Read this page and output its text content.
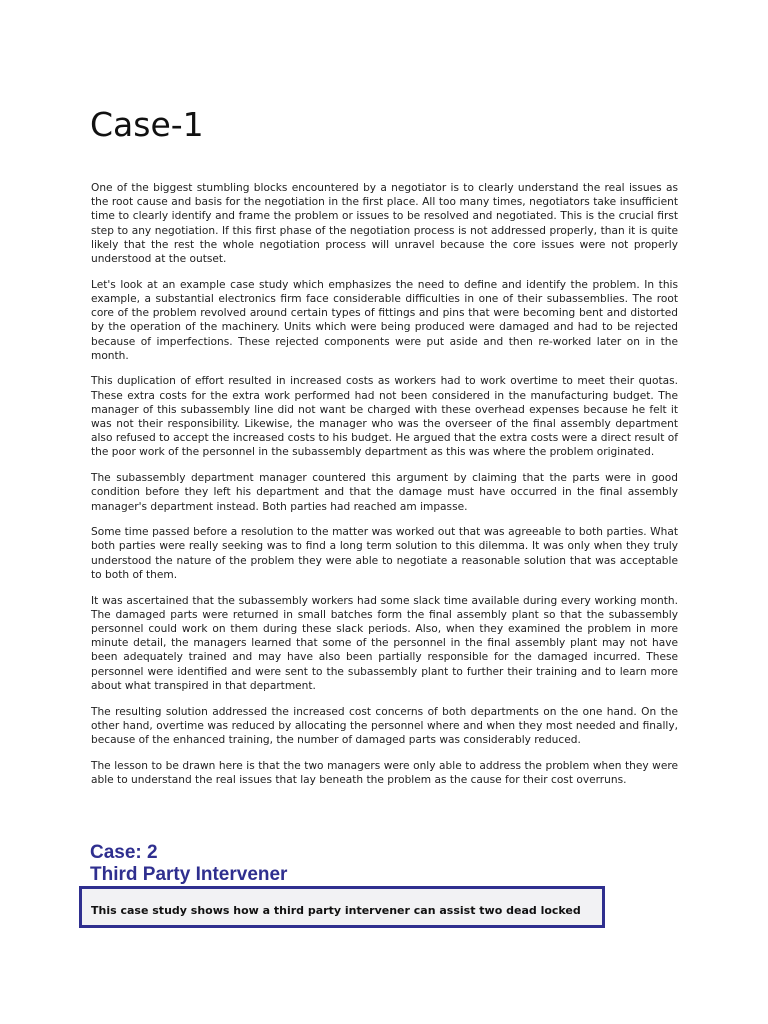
Case-1

One of the biggest stumbling blocks encountered by a negotiator is to clearly understand the real issues as the root cause and basis for the negotiation in the first place. All too many times, negotiators take insufficient time to clearly identify and frame the problem or issues to be resolved and negotiated. This is the crucial first step to any negotiation. If this first phase of the negotiation process is not addressed properly, than it is quite likely that the rest the whole negotiation process will unravel because the core issues were not properly understood at the outset.

Let's look at an example case study which emphasizes the need to define and identify the problem. In this example, a substantial electronics firm face considerable difficulties in one of their subassemblies. The root core of the problem revolved around certain types of fittings and pins that were becoming bent and distorted by the operation of the machinery. Units which were being produced were damaged and had to be rejected because of imperfections. These rejected components were put aside and then re-worked later on in the month.

This duplication of effort resulted in increased costs as workers had to work overtime to meet their quotas. These extra costs for the extra work performed had not been considered in the manufacturing budget. The manager of this subassembly line did not want be charged with these overhead expenses because he felt it was not their responsibility. Likewise, the manager who was the overseer of the final assembly department also refused to accept the increased costs to his budget. He argued that the extra costs were a direct result of the poor work of the personnel in the subassembly department as this was where the problem originated.

The subassembly department manager countered this argument by claiming that the parts were in good condition before they left his department and that the damage must have occurred in the final assembly manager's department instead. Both parties had reached am impasse.

Some time passed before a resolution to the matter was worked out that was agreeable to both parties. What both parties were really seeking was to find a long term solution to this dilemma. It was only when they truly understood the nature of the problem they were able to negotiate a reasonable solution that was acceptable to both of them.

It was ascertained that the subassembly workers had some slack time available during every working month. The damaged parts were returned in small batches form the final assembly plant so that the subassembly personnel could work on them during these slack periods. Also, when they examined the problem in more minute detail, the managers learned that some of the personnel in the final assembly plant may not have been adequately trained and may have also been partially responsible for the damaged incurred. These personnel were identified and were sent to the subassembly plant to further their training and to learn more about what transpired in that department.

The resulting solution addressed the increased cost concerns of both departments on the one hand. On the other hand, overtime was reduced by allocating the personnel where and when they most needed and finally, because of the enhanced training, the number of damaged parts was considerably reduced.

The lesson to be drawn here is that the two managers were only able to address the problem when they were able to understand the real issues that lay beneath the problem as the cause for their cost overruns.

Case: 2
Third Party Intervener

This case study shows how a third party intervener can assist two dead locked
